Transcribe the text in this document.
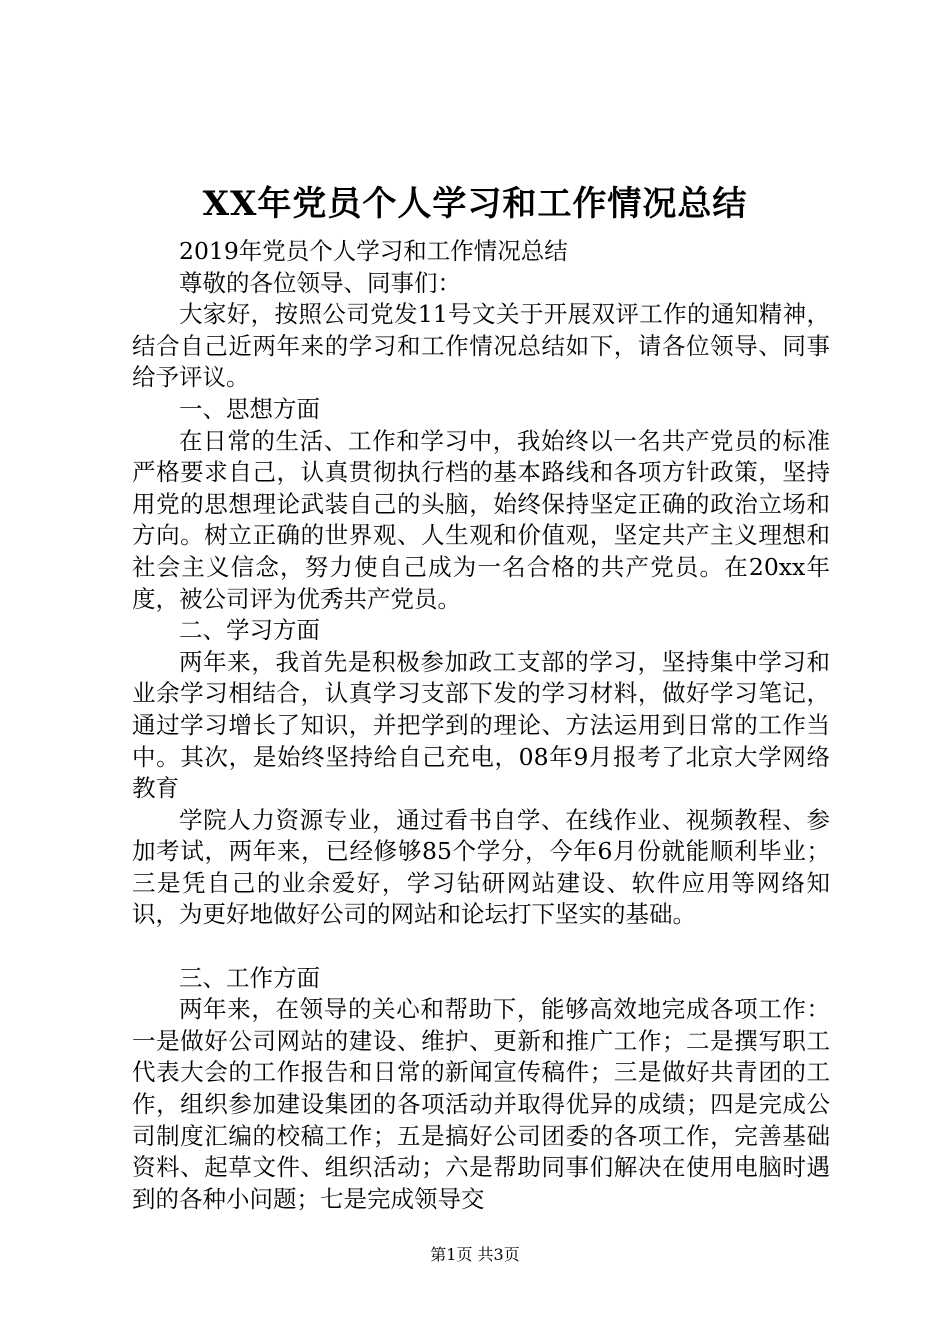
XX年党员个人学习和工作情况总结

2019年党员个人学习和工作情况总结

尊敬的各位领导、同事们：

大家好，按照公司党发11号文关于开展双评工作的通知精神，结合自己近两年来的学习和工作情况总结如下，请各位领导、同事给予评议。

一、思想方面

在日常的生活、工作和学习中，我始终以一名共产党员的标准严格要求自己，认真贯彻执行档的基本路线和各项方针政策，坚持用党的思想理论武装自己的头脑，始终保持坚定正确的政治立场和方向。树立正确的世界观、人生观和价值观，坚定共产主义理想和社会主义信念，努力使自己成为一名合格的共产党员。在20xx年度，被公司评为优秀共产党员。

二、学习方面

两年来，我首先是积极参加政工支部的学习，坚持集中学习和业余学习相结合，认真学习支部下发的学习材料，做好学习笔记，通过学习增长了知识，并把学到的理论、方法运用到日常的工作当中。其次，是始终坚持给自己充电，08年9月报考了北京大学网络教育

学院人力资源专业，通过看书自学、在线作业、视频教程、参加考试，两年来，已经修够85个学分，今年6月份就能顺利毕业；三是凭自己的业余爱好，学习钻研网站建设、软件应用等网络知识，为更好地做好公司的网站和论坛打下坚实的基础。

三、工作方面

两年来，在领导的关心和帮助下，能够高效地完成各项工作：一是做好公司网站的建设、维护、更新和推广工作；二是撰写职工代表大会的工作报告和日常的新闻宣传稿件；三是做好共青团的工作，组织参加建设集团的各项活动并取得优异的成绩；四是完成公司制度汇编的校稿工作；五是搞好公司团委的各项工作，完善基础资料、起草文件、组织活动；六是帮助同事们解决在使用电脑时遇到的各种小问题；七是完成领导交

第1页 共3页
